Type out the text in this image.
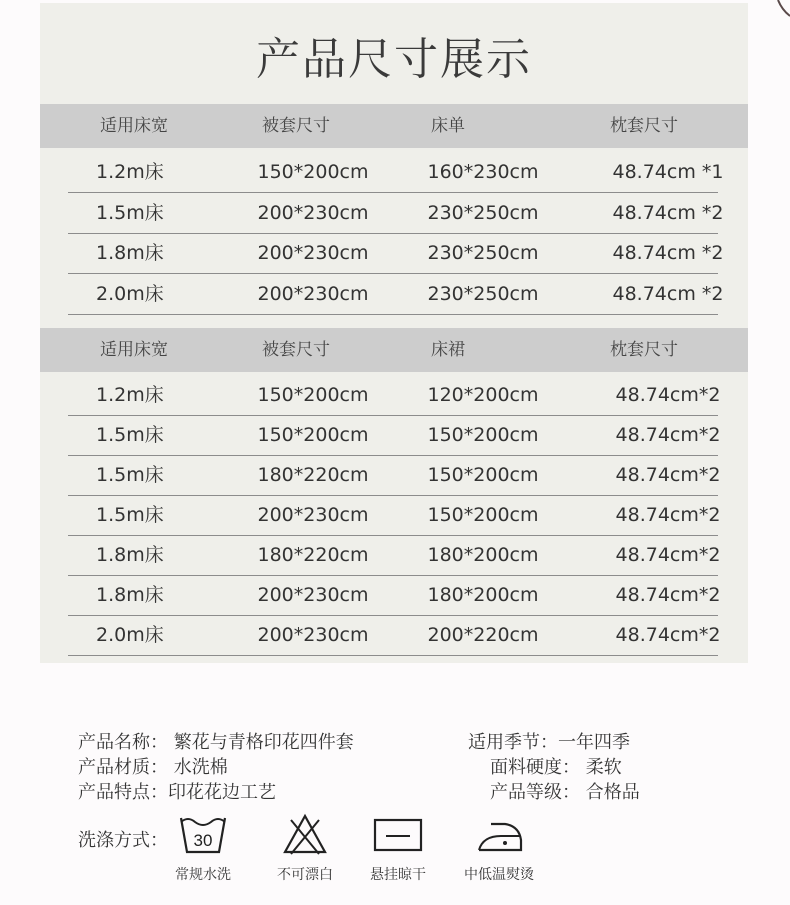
产品尺寸展示
适用床宽	被套尺寸	床单	枕套尺寸
1.2m床	150*200cm	160*230cm	48.74cm *1
1.5m床	200*230cm	230*250cm	48.74cm *2
1.8m床	200*230cm	230*250cm	48.74cm *2
2.0m床	200*230cm	230*250cm	48.74cm *2
适用床宽	被套尺寸	床裙	枕套尺寸
1.2m床	150*200cm	120*200cm	48.74cm*2
1.5m床	150*200cm	150*200cm	48.74cm*2
1.5m床	180*220cm	150*200cm	48.74cm*2
1.5m床	200*230cm	150*200cm	48.74cm*2
1.8m床	180*220cm	180*200cm	48.74cm*2
1.8m床	200*230cm	180*200cm	48.74cm*2
2.0m床	200*230cm	200*220cm	48.74cm*2
产品名称： 繁花与青格印花四件套
产品材质： 水洗棉
产品特点：印花花边工艺
适用季节：一年四季
面料硬度： 柔软
产品等级： 合格品
洗涤方式： 30
常规水洗	不可漂白	悬挂晾干	中低温熨烫
